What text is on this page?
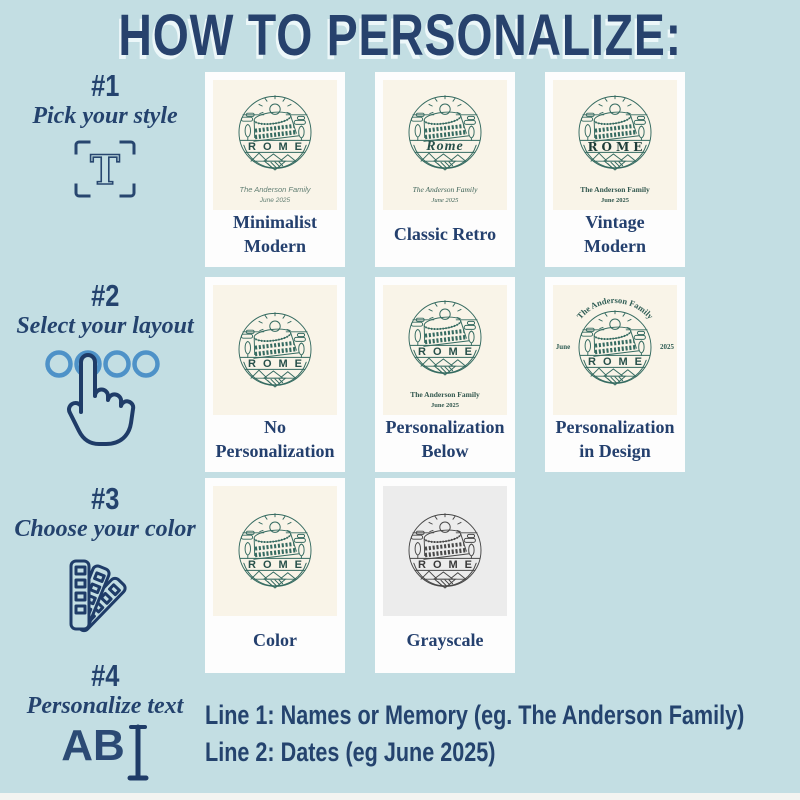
HOW TO PERSONALIZE:
#1
Pick your style
T
#2
Select your layout
#3
Choose your color
#4
Personalize text
AB
ROME
The Anderson Family
June 2025
Minimalist Modern
Rome
The Anderson Family
June 2025
Classic Retro
ROME
The Anderson Family
June 2025
Vintage Modern
ROME
No Personalization
ROME
The Anderson Family
June 2025
Personalization Below
ROME
The Anderson Family
June	2025
Personalization in Design
ROME
Color
ROME
Grayscale
Line 1: Names or Memory (eg. The Anderson Family)
Line 2: Dates (eg June 2025)
